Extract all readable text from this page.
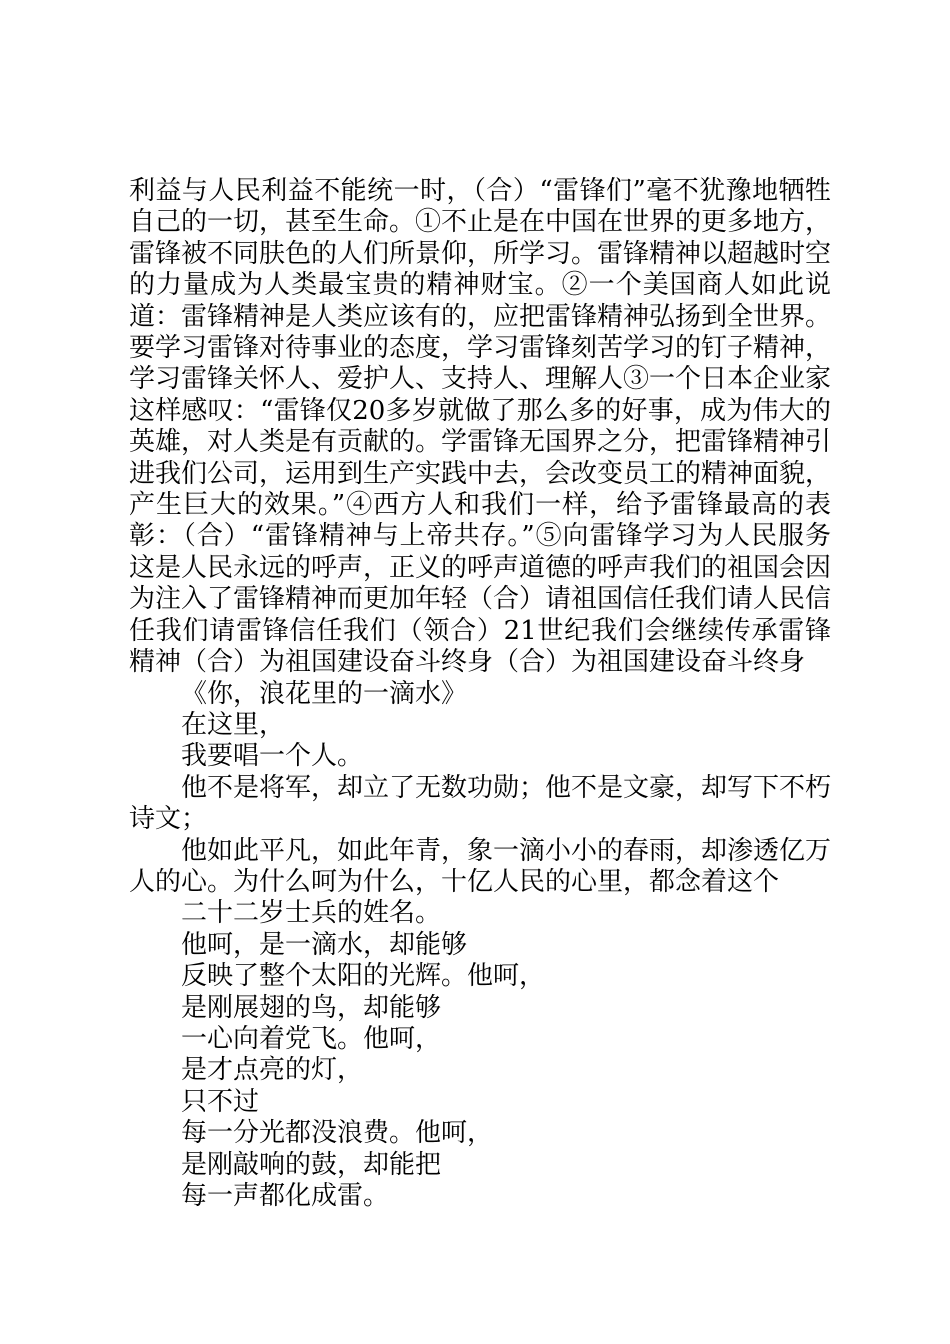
利益与人民利益不能统一时，（合）“雷锋们”毫不犹豫地牺牲自己的一切，甚至生命。①不止是在中国在世界的更多地方，雷锋被不同肤色的人们所景仰，所学习。雷锋精神以超越时空的力量成为人类最宝贵的精神财宝。②一个美国商人如此说道：雷锋精神是人类应该有的，应把雷锋精神弘扬到全世界。要学习雷锋对待事业的态度，学习雷锋刻苦学习的钉子精神，学习雷锋关怀人、爱护人、支持人、理解人③一个日本企业家这样感叹：“雷锋仅20多岁就做了那么多的好事，成为伟大的英雄，对人类是有贡献的。学雷锋无国界之分，把雷锋精神引进我们公司，运用到生产实践中去，会改变员工的精神面貌，产生巨大的效果。”④西方人和我们一样，给予雷锋最高的表彰：（合）“雷锋精神与上帝共存。”⑤向雷锋学习为人民服务这是人民永远的呼声，正义的呼声道德的呼声我们的祖国会因为注入了雷锋精神而更加年轻（合）请祖国信任我们请人民信任我们请雷锋信任我们（领合）21世纪我们会继续传承雷锋精神（合）为祖国建设奋斗终身（合）为祖国建设奋斗终身

《你，浪花里的一滴水》

在这里，

我要唱一个人。

他不是将军，却立了无数功勋；他不是文豪，却写下不朽诗文；

他如此平凡，如此年青，象一滴小小的春雨，却渗透亿万人的心。为什么呵为什么，十亿人民的心里，都念着这个

二十二岁士兵的姓名。

他呵，是一滴水，却能够

反映了整个太阳的光辉。他呵，

是刚展翅的鸟，却能够

一心向着党飞。他呵，

是才点亮的灯，

只不过

每一分光都没浪费。他呵，

是刚敲响的鼓，却能把

每一声都化成雷。
